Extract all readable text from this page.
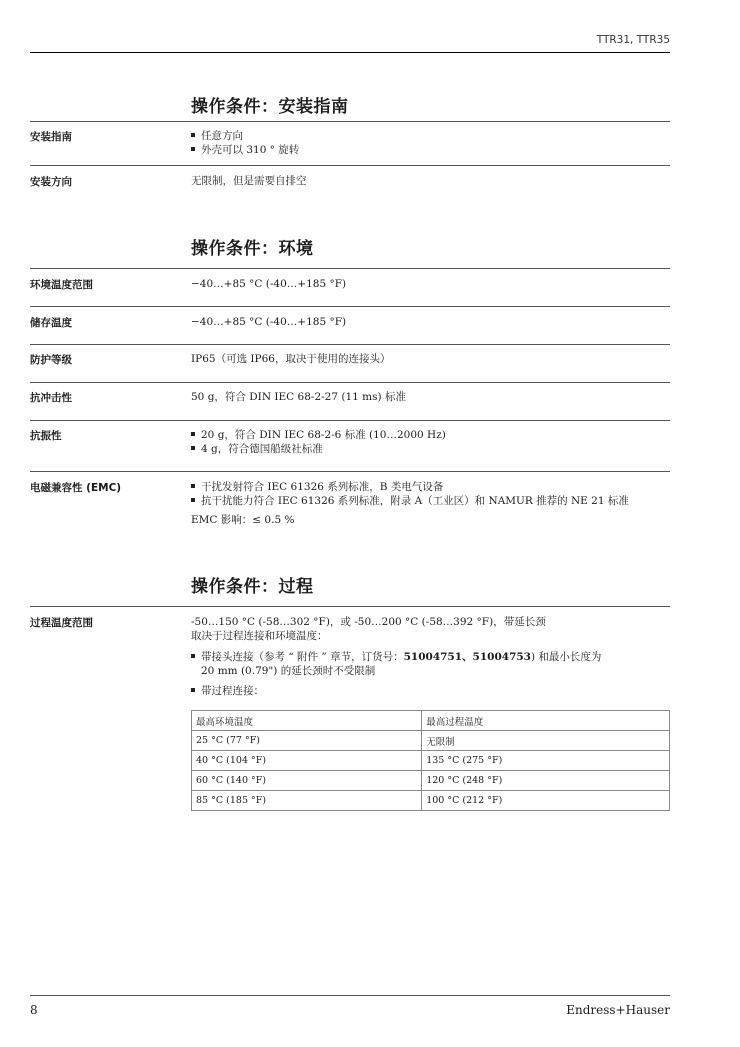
TTR31, TTR35
操作条件：安装指南
安装指南	任意方向
外壳可以 310 ° 旋转
安装方向	无限制，但是需要自排空
操作条件：环境
环境温度范围	−40…+85 °C (-40…+185 °F)
储存温度	−40…+85 °C (-40…+185 °F)
防护等级	IP65（可选 IP66，取决于使用的连接头）
抗冲击性	50 g，符合 DIN IEC 68-2-27 (11 ms) 标准
抗振性	20 g，符合 DIN IEC 68-2-6 标准 (10…2000 Hz)
4 g，符合德国船级社标准
电磁兼容性 (EMC)	干扰发射符合 IEC 61326 系列标准，B 类电气设备
抗干扰能力符合 IEC 61326 系列标准，附录 A（工业区）和 NAMUR 推荐的 NE 21 标准
EMC 影响：≤ 0.5 %
操作条件：过程
过程温度范围	-50…150 °C (-58…302 °F)，或 -50…200 °C (-58…392 °F)，带延长颈
取决于过程连接和环境温度：
带接头连接（参考 “ 附件 ” 章节，订货号：51004751、51004753) 和最小长度为
20 mm (0.79") 的延长颈时不受限制
带过程连接：
最高环境温度	最高过程温度
25 °C (77 °F)	无限制
40 °C (104 °F)	135 °C (275 °F)
60 °C (140 °F)	120 °C (248 °F)
85 °C (185 °F)	100 °C (212 °F)
8	Endress+Hauser
